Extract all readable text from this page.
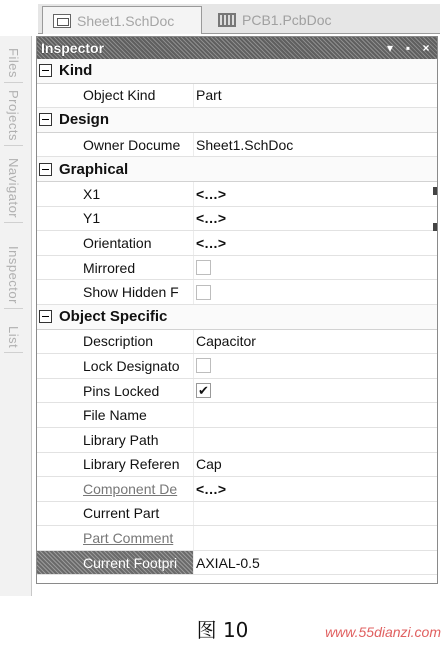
Sheet1.SchDoc	PCB1.PcbDoc
Files
Projects
Navigator
Inspector
List
Inspector	▾	▪	×
Kind
Object Kind	Part
Design
Owner Docume	Sheet1.SchDoc
Graphical
X1	<...>
Y1	<...>
Orientation	<...>
Mirrored
Show Hidden F
Object Specific
Description	Capacitor
Lock Designato
Pins Locked	✔
File Name
Library Path
Library Referen	Cap
Component De	<...>
Current Part
Part Comment
Current Footpri	AXIAL-0.5
图 10	www.55dianzi.com
